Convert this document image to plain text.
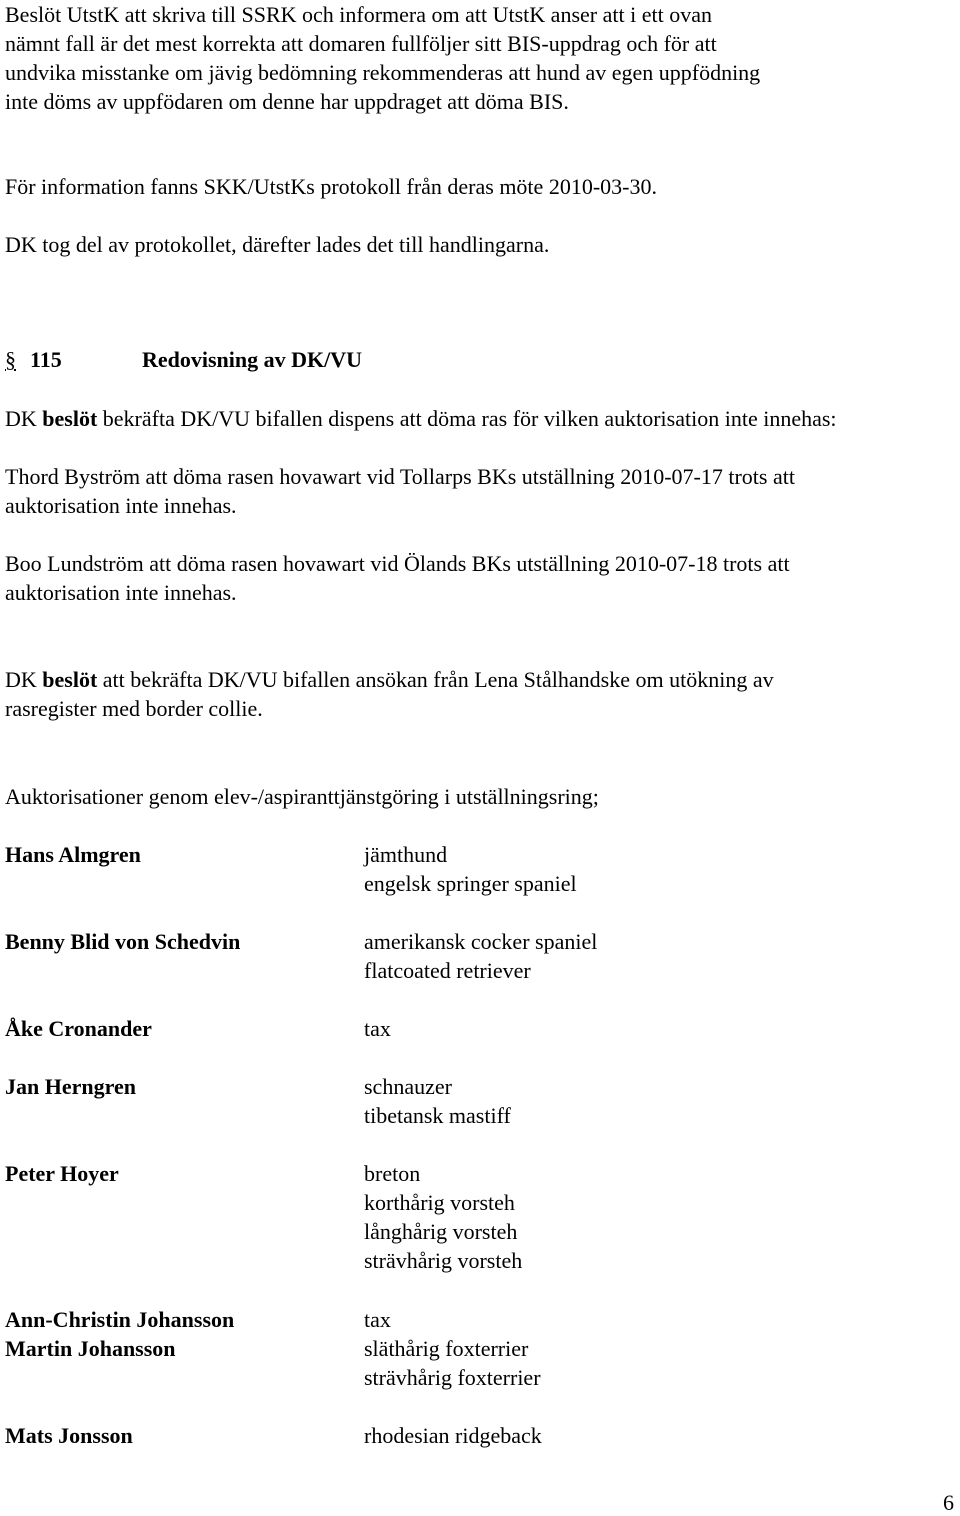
Beslöt UtstK att skriva till SSRK och informera om att UtstK anser att i ett ovan
nämnt fall är det mest korrekta att domaren fullföljer sitt BIS-uppdrag och för att
undvika misstanke om jävig bedömning rekommenderas att hund av egen uppfödning
inte döms av uppfödaren om denne har uppdraget att döma BIS.
För information fanns SKK/UtstKs protokoll från deras möte 2010-03-30.
DK tog del av protokollet, därefter lades det till handlingarna.
§ 115	Redovisning av DK/VU
DK beslöt bekräfta DK/VU bifallen dispens att döma ras för vilken auktorisation inte innehas:
Thord Byström att döma rasen hovawart vid Tollarps BKs utställning 2010-07-17 trots att
auktorisation inte innehas.
Boo Lundström att döma rasen hovawart vid Ölands BKs utställning 2010-07-18 trots att
auktorisation inte innehas.
DK beslöt att bekräfta DK/VU bifallen ansökan från Lena Stålhandske om utökning av
rasregister med border collie.
Auktorisationer genom elev-/aspiranttjänstgöring i utställningsring;
Hans Almgren	jämthund
engelsk springer spaniel
Benny Blid von Schedvin	amerikansk cocker spaniel
flatcoated retriever
Åke Cronander	tax
Jan Herngren	schnauzer
tibetansk mastiff
Peter Hoyer	breton
korthårig vorsteh
långhårig vorsteh
strävhårig vorsteh
Ann-Christin Johansson	tax
Martin Johansson	släthårig foxterrier
strävhårig foxterrier
Mats Jonsson	rhodesian ridgeback
6
